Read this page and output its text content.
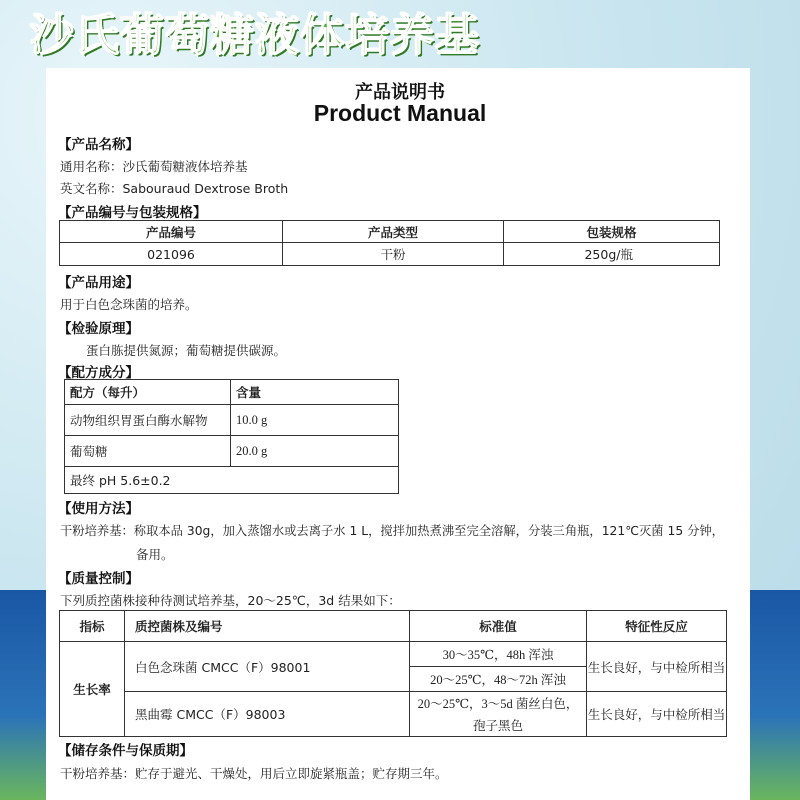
沙氏葡萄糖液体培养基
产品说明书
Product Manual
【产品名称】
通用名称：沙氏葡萄糖液体培养基
英文名称：Sabouraud Dextrose Broth
【产品编号与包装规格】
产品编号	产品类型	包装规格
021096	干粉	250g/瓶
【产品用途】
用于白色念珠菌的培养。
【检验原理】
蛋白胨提供氮源；葡萄糖提供碳源。
【配方成分】
配方（每升）	含量
动物组织胃蛋白酶水解物	10.0 g
葡萄糖	20.0 g
最终 pH 5.6±0.2	
【使用方法】
干粉培养基：称取本品 30g，加入蒸馏水或去离子水 1 L，搅拌加热煮沸至完全溶解，分装三角瓶，121℃灭菌 15 分钟，
备用。
【质量控制】
下列质控菌株接种待测试培养基，20～25℃，3d 结果如下：
指标	质控菌株及编号	标准值	特征性反应
生长率	白色念珠菌 CMCC（F）98001	30～35℃，48h 浑浊	生长良好，与中检所相当
		20～25℃，48～72h 浑浊	
	黑曲霉 CMCC（F）98003	20～25℃，3～5d 菌丝白色，	生长良好，与中检所相当
		孢子黑色	
【储存条件与保质期】
干粉培养基：贮存于避光、干燥处，用后立即旋紧瓶盖；贮存期三年。
